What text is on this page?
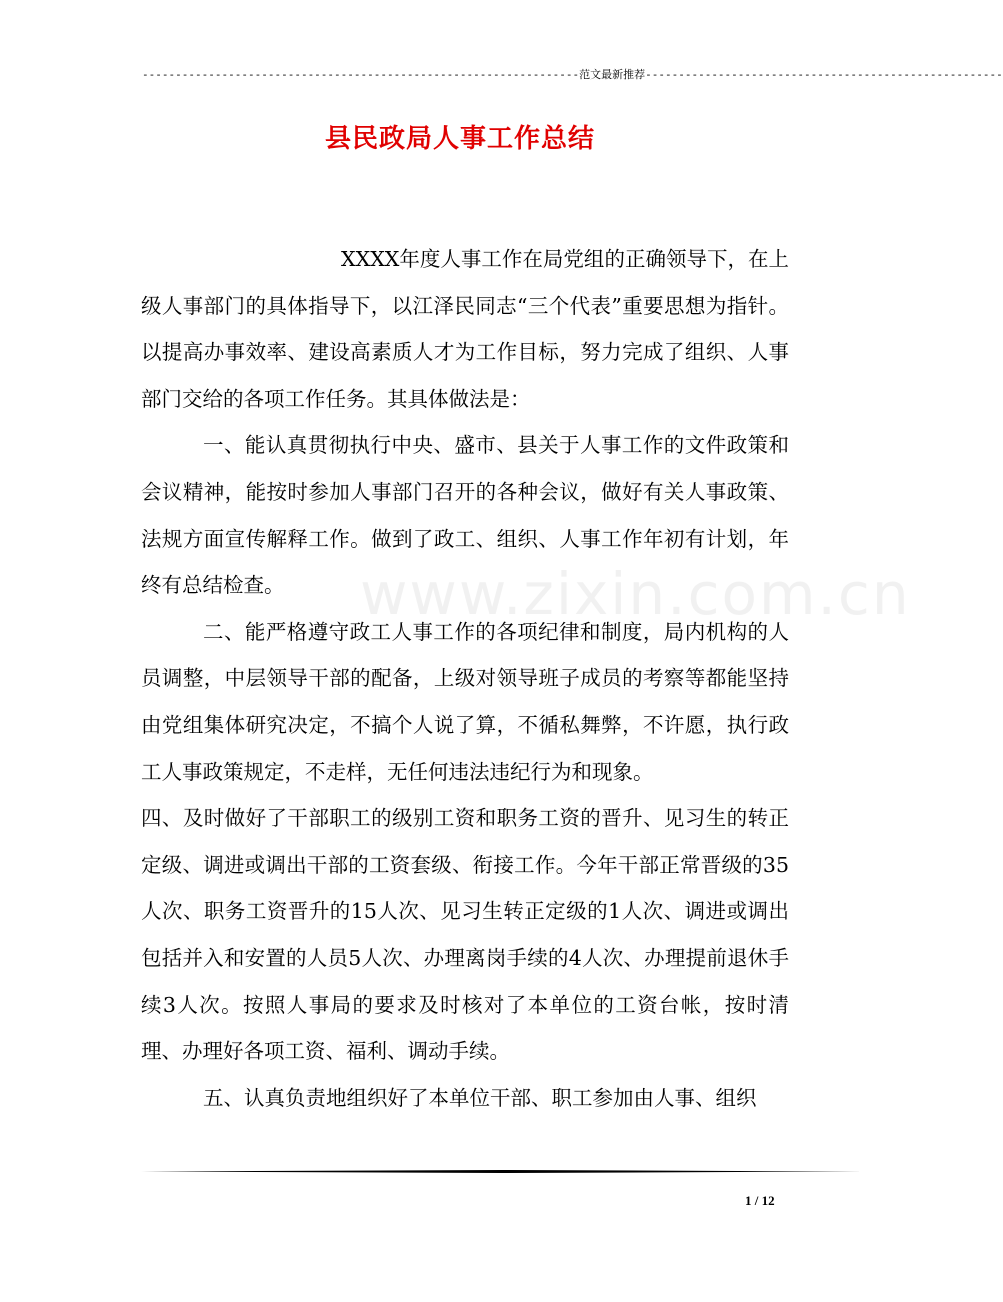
------------------------------------------------------------------范文最新推荐------------------------------------------------------
县民政局人事工作总结
www.zixin.com.cn

XXXX年度人事工作在局党组的正确领导下，在上级人事部门的具体指导下，以江泽民同志“三个代表”重要思想为指针。以提高办事效率、建设高素质人才为工作目标，努力完成了组织、人事部门交给的各项工作任务。其具体做法是：

一、能认真贯彻执行中央、盛市、县关于人事工作的文件政策和会议精神，能按时参加人事部门召开的各种会议，做好有关人事政策、法规方面宣传解释工作。做到了政工、组织、人事工作年初有计划，年终有总结检查。

二、能严格遵守政工人事工作的各项纪律和制度，局内机构的人员调整，中层领导干部的配备，上级对领导班子成员的考察等都能坚持由党组集体研究决定，不搞个人说了算，不循私舞弊，不许愿，执行政工人事政策规定，不走样，无任何违法违纪行为和现象。

四、及时做好了干部职工的级别工资和职务工资的晋升、见习生的转正定级、调进或调出干部的工资套级、衔接工作。今年干部正常晋级的35人次、职务工资晋升的15人次、见习生转正定级的1人次、调进或调出包括并入和安置的人员5人次、办理离岗手续的4人次、办理提前退休手续3人次。按照人事局的要求及时核对了本单位的工资台帐，按时清理、办理好各项工资、福利、调动手续。

五、认真负责地组织好了本单位干部、职工参加由人事、组织

1 / 12
